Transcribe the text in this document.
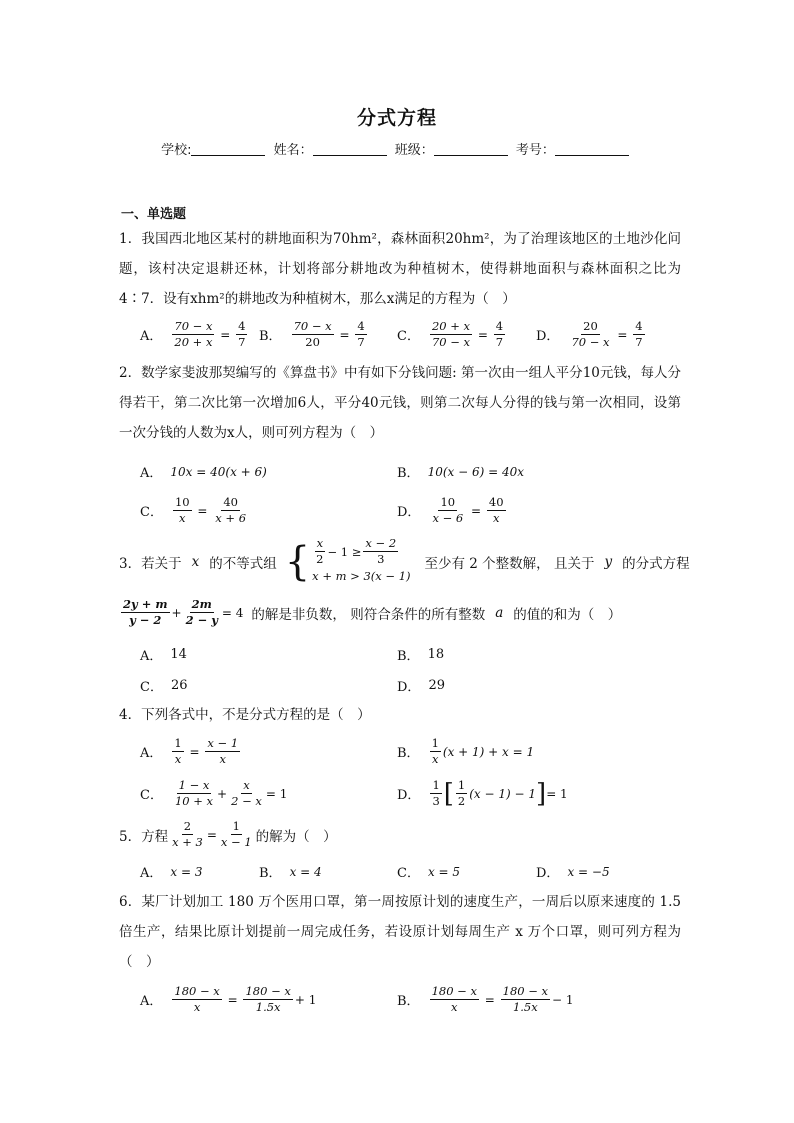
分式方程
学校:	姓名：	班级：	考号：
一、单选题
1．我国西北地区某村的耕地面积为70hm²，森林面积20hm²，为了治理该地区的土地沙化问题，该村决定退耕还林，计划将部分耕地改为种植树木，使得耕地面积与森林面积之比为4∶7．设有xhm²的耕地改为种植树木，那么x满足的方程为（　）
A． $\frac{70 - x}{20 + x} = \frac{4}{7}$ B． $\frac{70 - x}{20} = \frac{4}{7}$ C． $\frac{20 + x}{70 - x} = \frac{4}{7}$ D． $\frac{20}{70 - x} = \frac{4}{7}$
2．数学家斐波那契编写的《算盘书》中有如下分钱问题: 第一次由一组人平分10元钱，每人分得若干，第二次比第一次增加6人，平分40元钱，则第二次每人分得的钱与第一次相同，设第一次分钱的人数为x人，则可列方程为（　）
A． 10x = 40(x + 6)	B． 10(x − 6) = 40x
C． $\frac{10}{x} = \frac{40}{x + 6}$	D． $\frac{10}{x - 6} = \frac{40}{x}$
3．若关于 x 的不等式组 { $\frac{x}{2} - 1 \ge \frac{x - 2}{3}$
x + m > 3(x − 1)
至少有 2 个整数解， 且关于 y 的分式方程
$\frac{2y + m}{y - 2} + \frac{2m}{2 - y} = 4$ 的解是非负数， 则符合条件的所有整数 a 的值的和为（　）
A． 14	B． 18
C． 26	D． 29
4．下列各式中，不是分式方程的是（　）
A． $\frac{1}{x} = \frac{x - 1}{x}$	B． $\frac{1}{x} (x + 1) + x = 1$
C． $\frac{1 - x}{10 + x} + \frac{x}{2 - x} = 1$	D． $\frac{1}{3}$ [ $\frac{1}{2} (x - 1) - 1$ ] = 1
5．方程 $\frac{2}{x + 3} = \frac{1}{x - 1}$ 的解为（　）
A． x = 3	B． x = 4	C． x = 5	D． x = −5
6．某厂计划加工 180 万个医用口罩，第一周按原计划的速度生产，一周后以原来速度的 1.5 倍生产，结果比原计划提前一周完成任务，若设原计划每周生产 x 万个口罩，则可列方程为（　）
A． $\frac{180 - x}{x} = \frac{180 - x}{1.5x} + 1$	B． $\frac{180 - x}{x} = \frac{180 - x}{1.5x} - 1$
